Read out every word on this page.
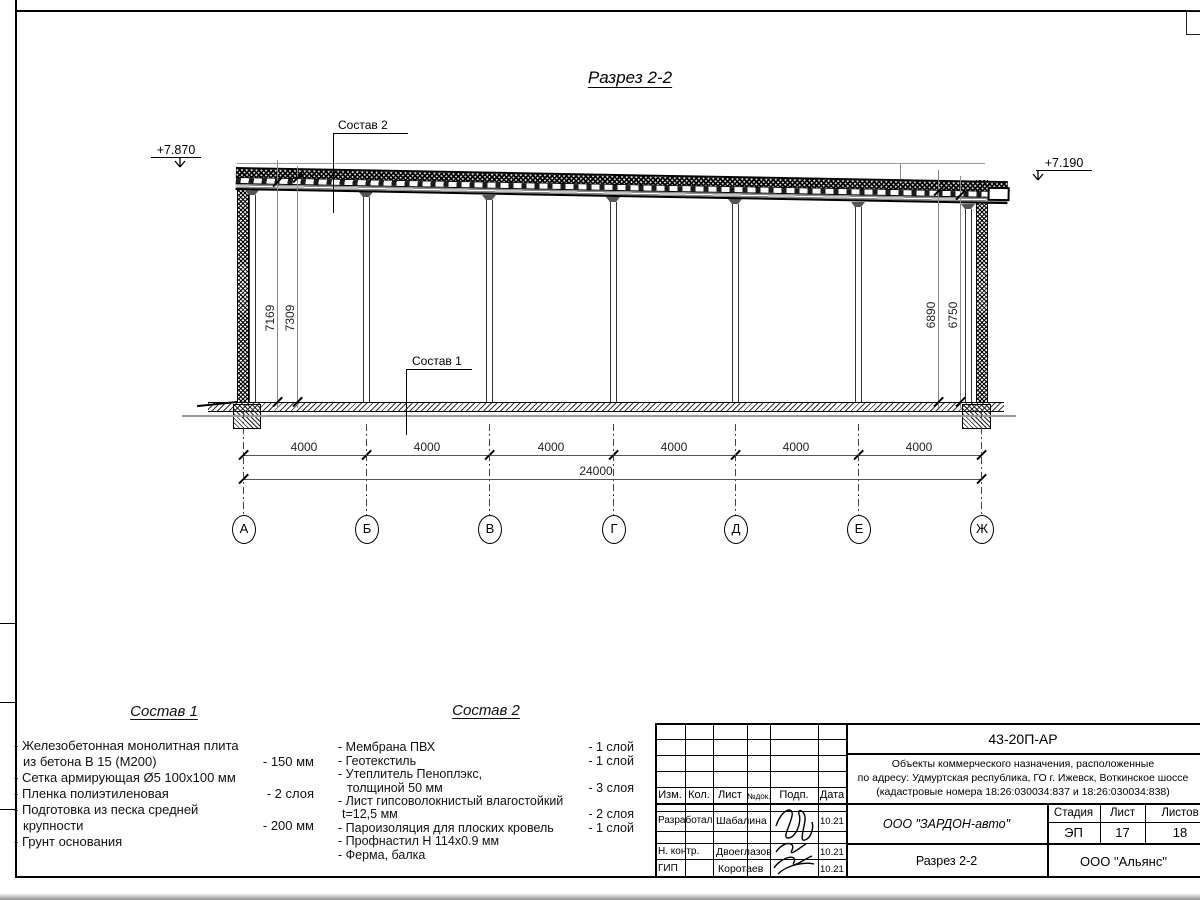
Разрез 2-2
Состав 2
Состав 1
+7.870
+7.190
7169 7309	6890 6750
4000	4000	4000	4000	4000	4000
24000
А	Б	В	Г	Д	Е	Ж
Состав 1
- Железобетонная монолитная плита
из бетона В 15 (М200)	- 150 мм
- Сетка армирующая Ø5 100х100 мм
- Пленка полиэтиленовая	- 2 слоя
- Подготовка из песка средней
крупности	- 200 мм
- Грунт основания
Состав 2
- Мембрана ПВХ	- 1 слой
- Геотекстиль	- 1 слой
- Утеплитель Пеноплэкс,
толщиной 50 мм	- 3 слоя
- Лист гипсоволокнистый влагостойкий
t=12,5 мм	- 2 слоя
- Пароизоляция для плоских кровель	- 1 слой
- Профнастил Н 114х0.9 мм
- Ферма, балка
Изм. Кол. Лист №док. Подп.	Дата
Разработал Шабалина	10.21
Н. контр. Двоеглазов	10.21
ГИП	Коротаев	10.21
43-20П-АР
Объекты коммерческого назначения, расположенные
по адресу: Удмуртская республика, ГО г. Ижевск, Воткинское шоссе
(кадастровые номера 18:26:030034:837 и 18:26:030034:838)
ООО "ЗАРДОН-авто"
Разрез 2-2
Стадия	Лист	Листов
ЭП	17	18
ООО "Альянс"
